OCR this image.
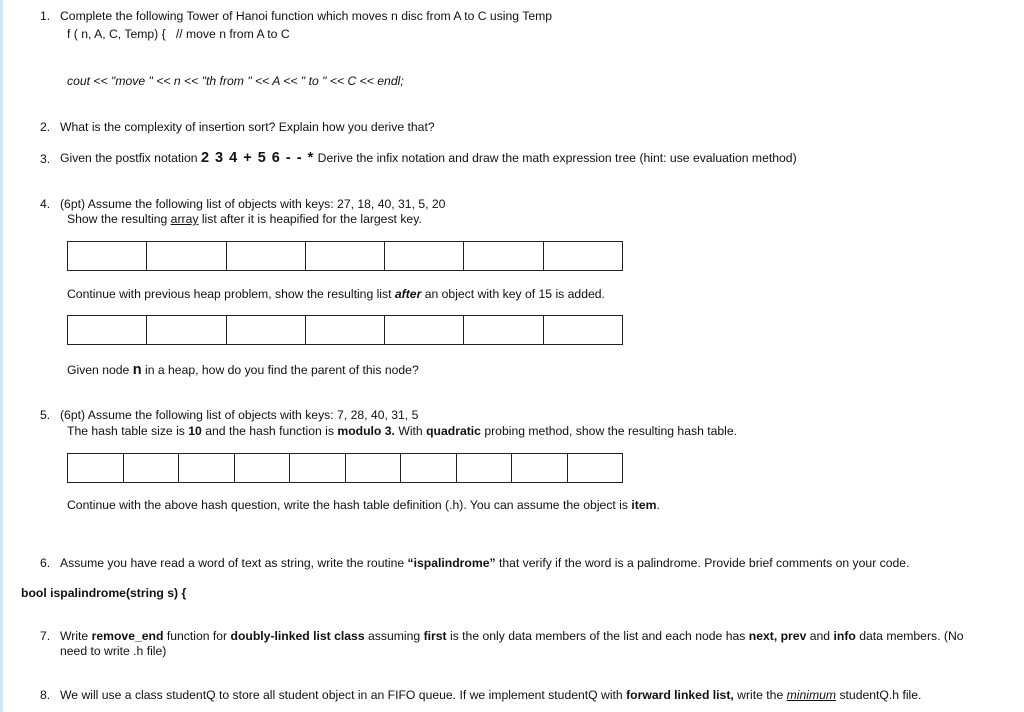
1. Complete the following Tower of Hanoi function which moves n disc from A to C using Temp
f ( n, A, C, Temp) { // move n from A to C
cout << "move " << n << "th from " << A << " to " << C << endl;
2. What is the complexity of insertion sort? Explain how you derive that?
3. Given the postfix notation 2 3 4 + 5 6 - - * Derive the infix notation and draw the math expression tree (hint: use evaluation method)
4. (6pt) Assume the following list of objects with keys: 27, 18, 40, 31, 5, 20
Show the resulting array list after it is heapified for the largest key.
Continue with previous heap problem, show the resulting list after an object with key of 15 is added.
Given node n in a heap, how do you find the parent of this node?
5. (6pt) Assume the following list of objects with keys: 7, 28, 40, 31, 5
The hash table size is 10 and the hash function is modulo 3. With quadratic probing method, show the resulting hash table.
Continue with the above hash question, write the hash table definition (.h). You can assume the object is item.
6. Assume you have read a word of text as string, write the routine “ispalindrome” that verify if the word is a palindrome. Provide brief comments on your code.
bool ispalindrome(string s) {
7. Write remove_end function for doubly-linked list class assuming first is the only data members of the list and each node has next, prev and info data members. (No
need to write .h file)
8. We will use a class studentQ to store all student object in an FIFO queue. If we implement studentQ with forward linked list, write the minimum studentQ.h file.
